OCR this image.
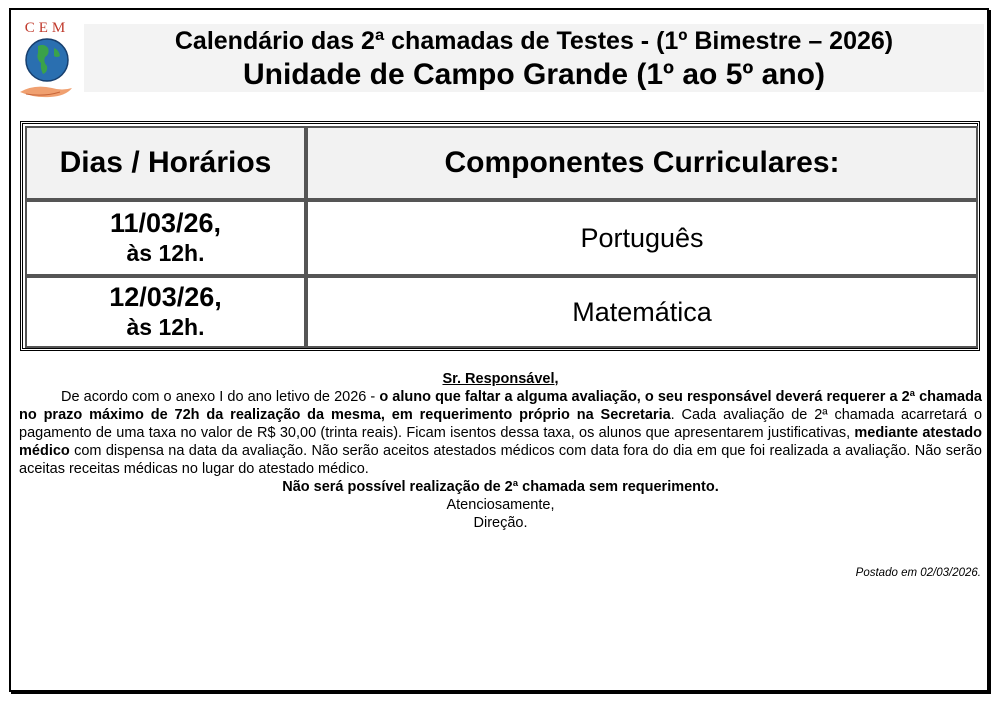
CEM	Calendário das 2ª chamadas de Testes - (1º Bimestre – 2026)
Unidade de Campo Grande (1º ao 5º ano)
Dias / Horários	Componentes Curriculares:
11/03/26,
às 12h.
Português
12/03/26,
às 12h.
Matemática
Sr. Responsável,

De acordo com o anexo I do ano letivo de 2026 - o aluno que faltar a alguma avaliação, o seu responsável deverá requerer a 2ª chamada no prazo máximo de 72h da realização da mesma, em requerimento próprio na Secretaria. Cada avaliação de 2ª chamada acarretará o pagamento de uma taxa no valor de R$ 30,00 (trinta reais). Ficam isentos dessa taxa, os alunos que apresentarem justificativas, mediante atestado médico com dispensa na data da avaliação. Não serão aceitos atestados médicos com data fora do dia em que foi realizada a avaliação. Não serão aceitas receitas médicas no lugar do atestado médico.

Não será possível realização de 2ª chamada sem requerimento.
Atenciosamente,
Direção.
Postado em 02/03/2026.
